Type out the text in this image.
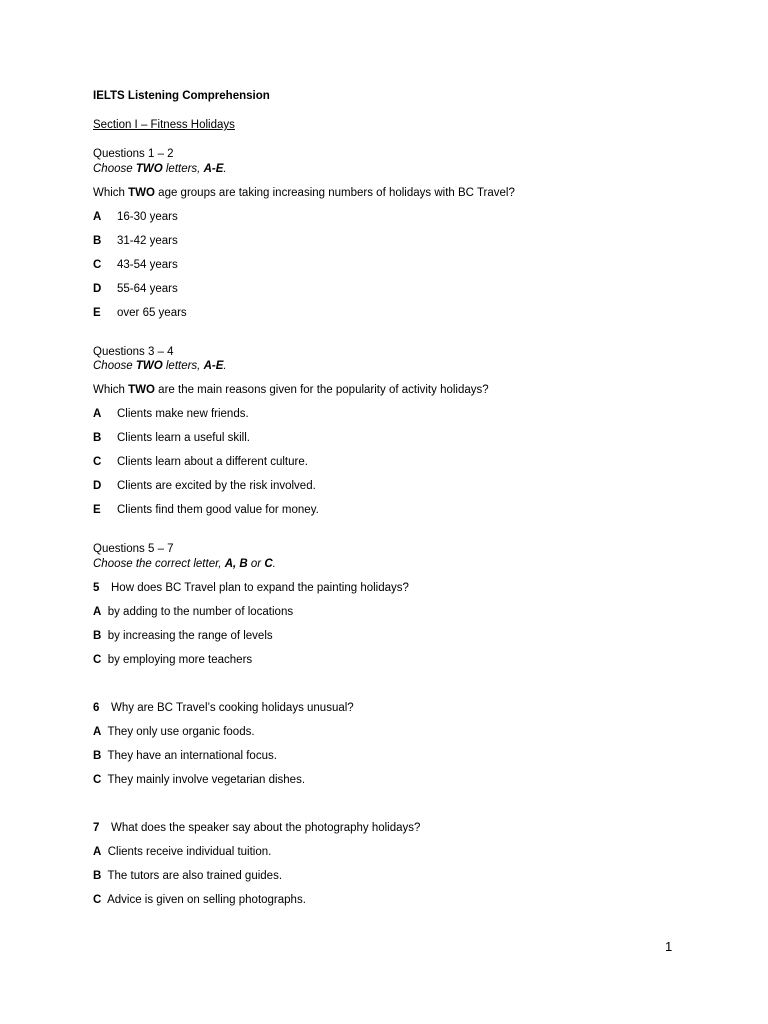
IELTS Listening Comprehension
Section I – Fitness Holidays
Questions 1 – 2
Choose TWO letters, A-E.
Which TWO age groups are taking increasing numbers of holidays with BC Travel?
A 16-30 years
B 31-42 years
C 43-54 years
D 55-64 years
E over 65 years
Questions 3 – 4
Choose TWO letters, A-E.
Which TWO are the main reasons given for the popularity of activity holidays?
A Clients make new friends.
B Clients learn a useful skill.
C Clients learn about a different culture.
D Clients are excited by the risk involved.
E Clients find them good value for money.
Questions 5 – 7
Choose the correct letter, A, B or C.
5 How does BC Travel plan to expand the painting holidays?
A by adding to the number of locations
B by increasing the range of levels
C by employing more teachers
6 Why are BC Travel’s cooking holidays unusual?
A They only use organic foods.
B They have an international focus.
C They mainly involve vegetarian dishes.
7 What does the speaker say about the photography holidays?
A Clients receive individual tuition.
B The tutors are also trained guides.
C Advice is given on selling photographs.
1
